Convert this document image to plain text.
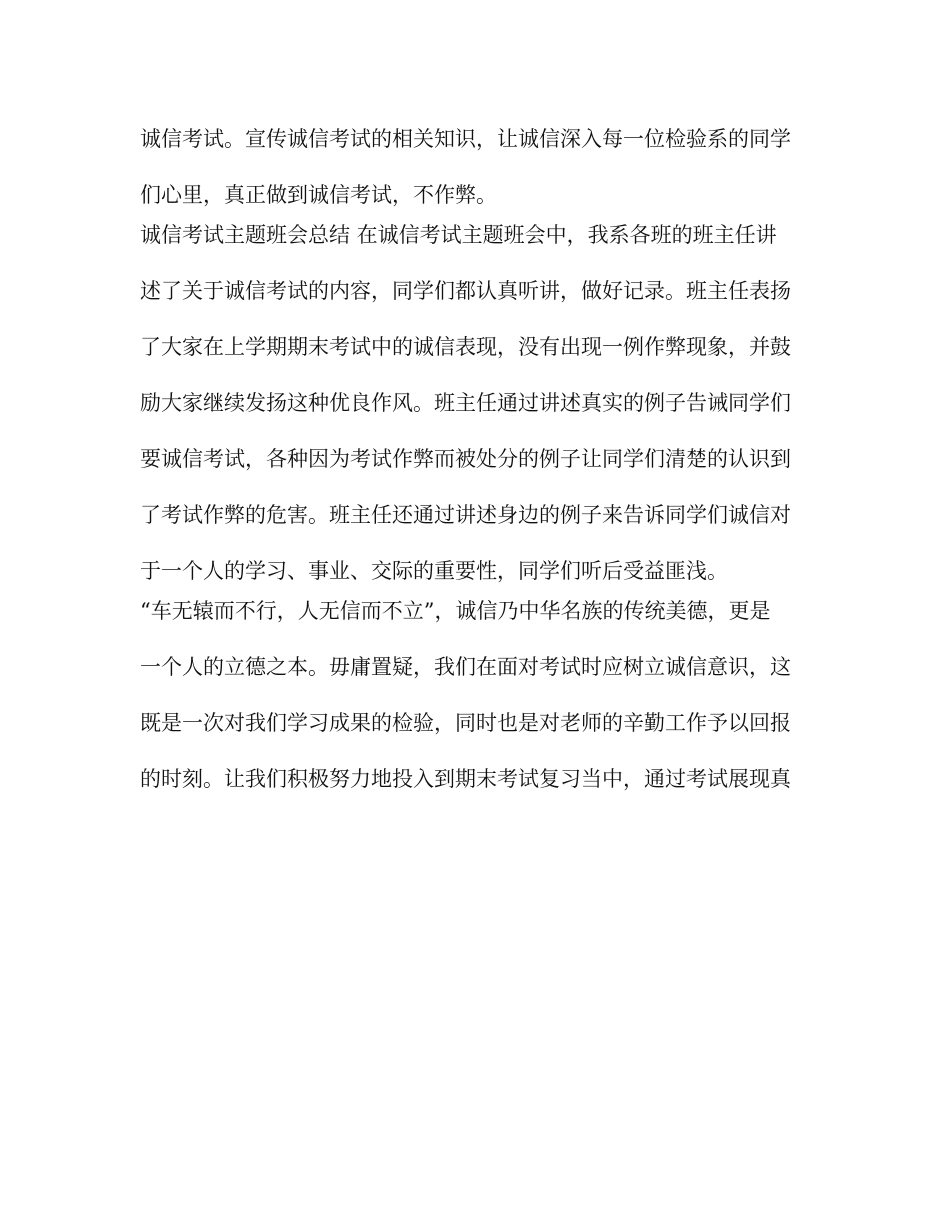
诚信考试。宣传诚信考试的相关知识，让诚信深入每一位检验系的同学

们心里，真正做到诚信考试，不作弊。

诚信考试主题班会总结 在诚信考试主题班会中，我系各班的班主任讲

述了关于诚信考试的内容，同学们都认真听讲，做好记录。班主任表扬

了大家在上学期期末考试中的诚信表现，没有出现一例作弊现象，并鼓

励大家继续发扬这种优良作风。班主任通过讲述真实的例子告诫同学们

要诚信考试，各种因为考试作弊而被处分的例子让同学们清楚的认识到

了考试作弊的危害。班主任还通过讲述身边的例子来告诉同学们诚信对

于一个人的学习、事业、交际的重要性，同学们听后受益匪浅。

“车无辕而不行，人无信而不立”，诚信乃中华名族的传统美德，更是

一个人的立德之本。毋庸置疑，我们在面对考试时应树立诚信意识，这

既是一次对我们学习成果的检验，同时也是对老师的辛勤工作予以回报

的时刻。让我们积极努力地投入到期末考试复习当中，通过考试展现真
